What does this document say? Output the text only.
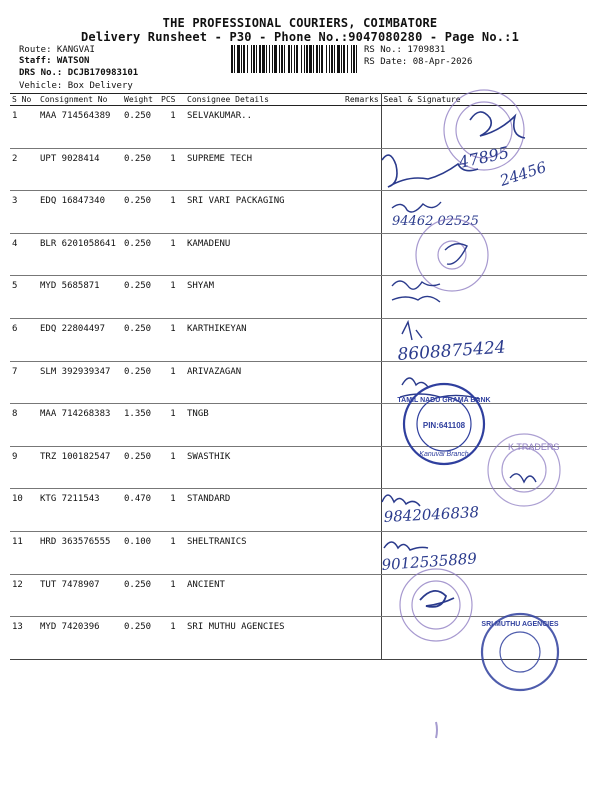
THE PROFESSIONAL COURIERS, COIMBATORE
Delivery Runsheet - P30 - Phone No.:9047080280 - Page No.:1
Route: KANGVAI
Staff: WATSON
DRS No.: DCJB170983101
Vehicle: Box Delivery
RS No.: 1709831
RS Date: 08-Apr-2026
S No	Consignment No	Weight	PCS	Consignee Details	Remarks	Seal & Signature
1	MAA 714564389	0.250	1	SELVAKUMAR..		
2	UPT 9028414	0.250	1	SUPREME TECH		
3	EDQ 16847340	0.250	1	SRI VARI PACKAGING		
4	BLR 6201058641	0.250	1	KAMADENU		
5	MYD 5685871	0.250	1	SHYAM		
6	EDQ 22804497	0.250	1	KARTHIKEYAN		
7	SLM 392939347	0.250	1	ARIVAZAGAN		
8	MAA 714268383	1.350	1	TNGB		
9	TRZ 100182547	0.250	1	SWASTHIK		
10	KTG 7211543	0.470	1	STANDARD		
11	HRD 363576555	0.100	1	SHELTRANICS		
12	TUT 7478907	0.250	1	ANCIENT		
13	MYD 7420396	0.250	1	SRI MUTHU AGENCIES		
47895
24456
94462 02525
8608875424
TAMIL NADU GRAMA BANK
PIN:641108
Kanuvai Branch
K TRADERS
9842046838
9012535889
SRI MUTHU AGENCIES
